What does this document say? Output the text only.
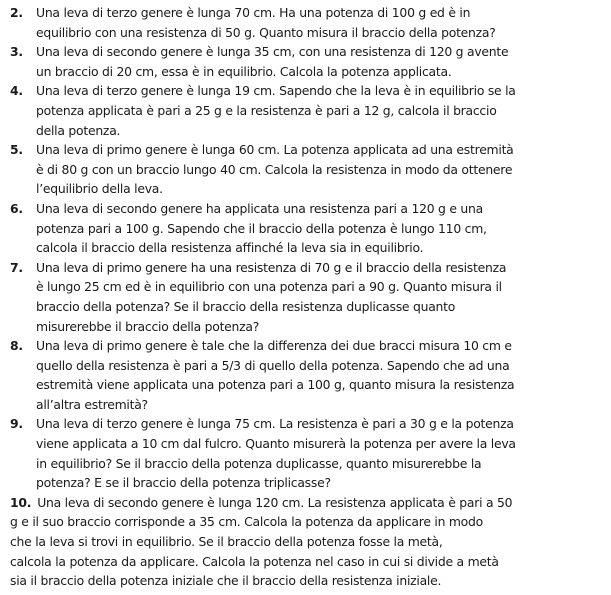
2. Una leva di terzo genere è lunga 70 cm. Ha una potenza di 100 g ed è in
equilibrio con una resistenza di 50 g. Quanto misura il braccio della potenza?
3. Una leva di secondo genere è lunga 35 cm, con una resistenza di 120 g avente
un braccio di 20 cm, essa è in equilibrio. Calcola la potenza applicata.
4. Una leva di terzo genere è lunga 19 cm. Sapendo che la leva è in equilibrio se la
potenza applicata è pari a 25 g e la resistenza è pari a 12 g, calcola il braccio
della potenza.
5. Una leva di primo genere è lunga 60 cm. La potenza applicata ad una estremità
è di 80 g con un braccio lungo 40 cm. Calcola la resistenza in modo da ottenere
l’equilibrio della leva.
6. Una leva di secondo genere ha applicata una resistenza pari a 120 g e una
potenza pari a 100 g. Sapendo che il braccio della potenza è lungo 110 cm,
calcola il braccio della resistenza affinché la leva sia in equilibrio.
7. Una leva di primo genere ha una resistenza di 70 g e il braccio della resistenza
è lungo 25 cm ed è in equilibrio con una potenza pari a 90 g. Quanto misura il
braccio della potenza? Se il braccio della resistenza duplicasse quanto
misurerebbe il braccio della potenza?
8. Una leva di primo genere è tale che la differenza dei due bracci misura 10 cm e
quello della resistenza è pari a 5/3 di quello della potenza. Sapendo che ad una
estremità viene applicata una potenza pari a 100 g, quanto misura la resistenza
all’altra estremità?
9. Una leva di terzo genere è lunga 75 cm. La resistenza è pari a 30 g e la potenza
viene applicata a 10 cm dal fulcro. Quanto misurerà la potenza per avere la leva
in equilibrio? Se il braccio della potenza duplicasse, quanto misurerebbe la
potenza? E se il braccio della potenza triplicasse?
10. Una leva di secondo genere è lunga 120 cm. La resistenza applicata è pari a 50
g e il suo braccio corrisponde a 35 cm. Calcola la potenza da applicare in modo
che la leva si trovi in equilibrio. Se il braccio della potenza fosse la metà,
calcola la potenza da applicare. Calcola la potenza nel caso in cui si divide a metà
sia il braccio della potenza iniziale che il braccio della resistenza iniziale.
